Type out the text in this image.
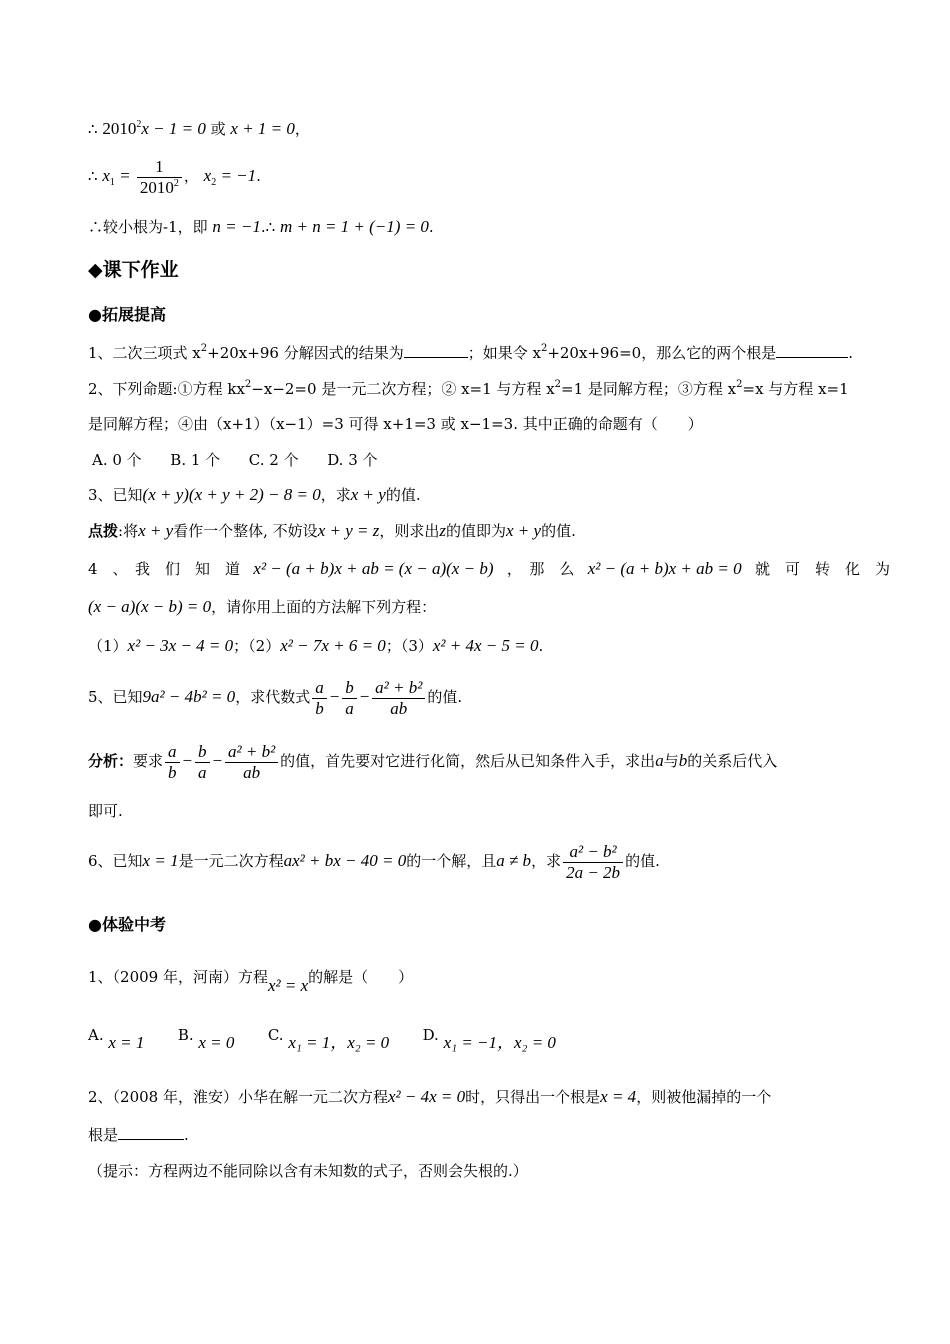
∴ $2010^2x - 1 = 0$ 或 x + 1 = 0，
∴ $x_1 = \frac{1}{2010^2}$ ， $x_2 = -1$.
∴较小根为-1，即 n = −1.∴ m + n = 1 + (−1) = 0.
◆课下作业
●拓展提高
1、二次三项式 $x^2+20x+96$ 分解因式的结果为	；如果令 $x^2+20x+96=0$，那么它的两个根是	.
2、下列命题:①方程 $kx^2-x-2=0$ 是一元二次方程；② x=1 与方程 $x^2=1$ 是同解方程；③方程 $x^2=x$ 与方程 x=1
是同解方程；④由（x+1）（x−1）=3 可得 x+1=3 或 x−1=3. 其中正确的命题有（　　）
A. 0 个 B. 1 个 C. 2 个 D. 3 个
3、已知(x + y)(x + y + 2) − 8 = 0，求x + y的值.
点拨:将x + y看作一个整体, 不妨设x + y = z，则求出z的值即为x + y的值.
4　、　我　们　知　道 x² − (a + b)x + ab = (x − a)(x − b) ，　那　么 x² − (a + b)x + ab = 0 就　可　转　化　为
(x − a)(x − b) = 0，请你用上面的方法解下列方程：
（1）x² − 3x − 4 = 0；（2）x² − 7x + 6 = 0；（3）x² + 4x − 5 = 0.
5、已知9a² − 4b² = 0，求代数式 $\frac{a}{b} - \frac{b}{a} - \frac{\text{a² + b²}}{ab}$ 的值.
分析：要求 $\frac{a}{b} - \frac{b}{a} - \frac{\text{a² + b²}}{ab}$ 的值，首先要对它进行化简，然后从已知条件入手，求出a与b的关系后代入
即可.
6、已知x = 1是一元二次方程ax² + bx − 40 = 0的一个解，且a ≠ b，求 $\frac{\text{a² − b²}}{2a - 2b}$ 的值.
●体验中考
1、（2009 年，河南）方程x² = x的解是（　　）
A. x = 1 B. x = 0 C. x₁ = 1，x₂ = 0 D. x₁ = −1，x₂ = 0
2、（2008 年，淮安）小华在解一元二次方程x² − 4x = 0时，只得出一个根是x = 4，则被他漏掉的一个
根是	.
（提示：方程两边不能同除以含有未知数的式子，否则会失根的.）
